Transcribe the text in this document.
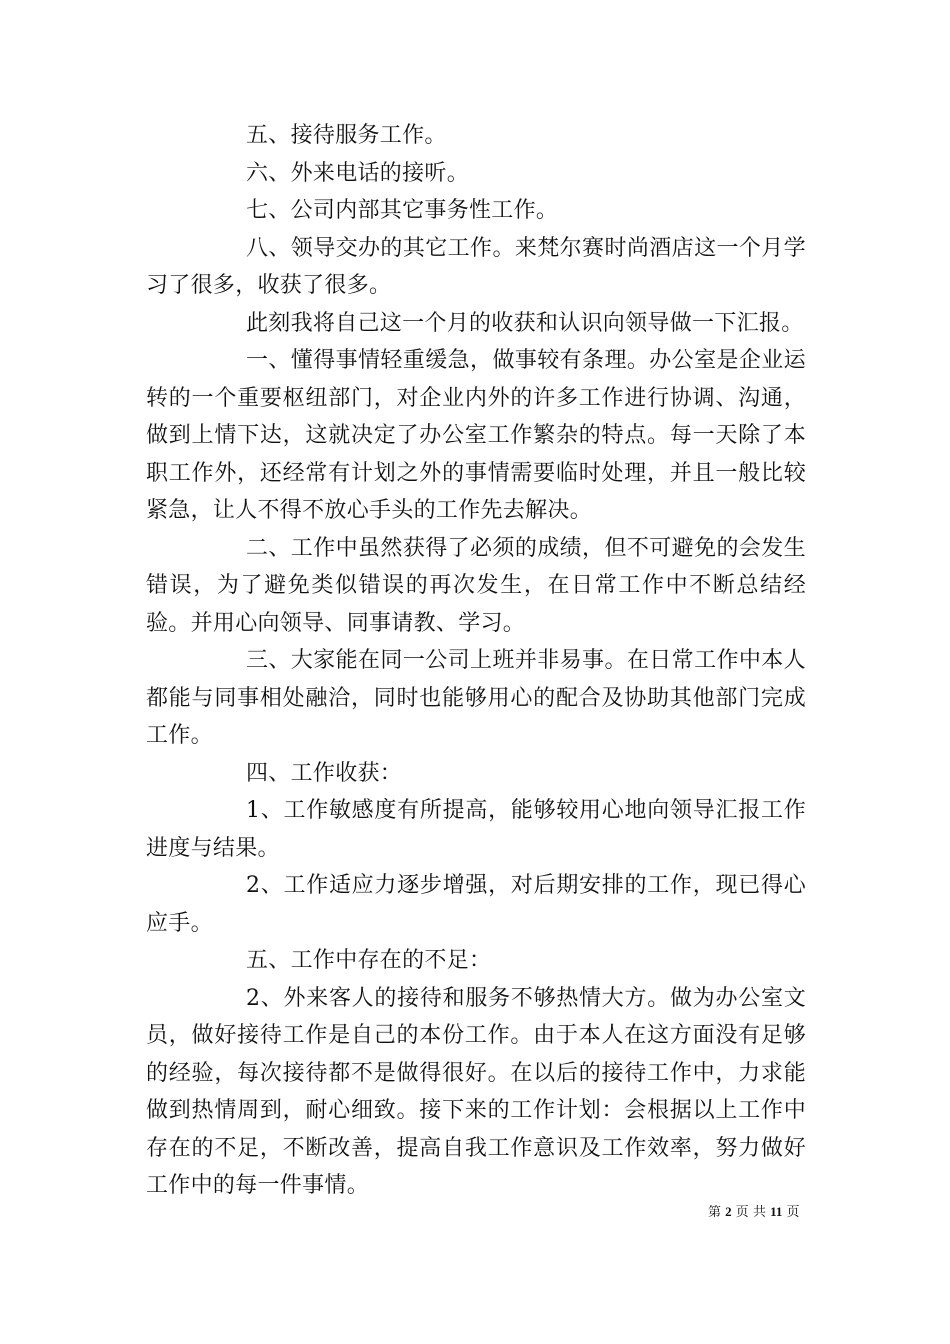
五、接待服务工作。

六、外来电话的接听。

七、公司内部其它事务性工作。

八、领导交办的其它工作。来梵尔赛时尚酒店这一个月学习了很多，收获了很多。

此刻我将自己这一个月的收获和认识向领导做一下汇报。

一、懂得事情轻重缓急，做事较有条理。办公室是企业运转的一个重要枢纽部门，对企业内外的许多工作进行协调、沟通，做到上情下达，这就决定了办公室工作繁杂的特点。每一天除了本职工作外，还经常有计划之外的事情需要临时处理，并且一般比较紧急，让人不得不放心手头的工作先去解决。

二、工作中虽然获得了必须的成绩，但不可避免的会发生错误，为了避免类似错误的再次发生，在日常工作中不断总结经验。并用心向领导、同事请教、学习。

三、大家能在同一公司上班并非易事。在日常工作中本人都能与同事相处融洽，同时也能够用心的配合及协助其他部门完成工作。

四、工作收获：

1、工作敏感度有所提高，能够较用心地向领导汇报工作进度与结果。

2、工作适应力逐步增强，对后期安排的工作，现已得心应手。

五、工作中存在的不足：

2、外来客人的接待和服务不够热情大方。做为办公室文员，做好接待工作是自己的本份工作。由于本人在这方面没有足够的经验，每次接待都不是做得很好。在以后的接待工作中，力求能做到热情周到，耐心细致。接下来的工作计划：会根据以上工作中存在的不足，不断改善，提高自我工作意识及工作效率，努力做好工作中的每一件事情。

第 2 页 共 11 页
